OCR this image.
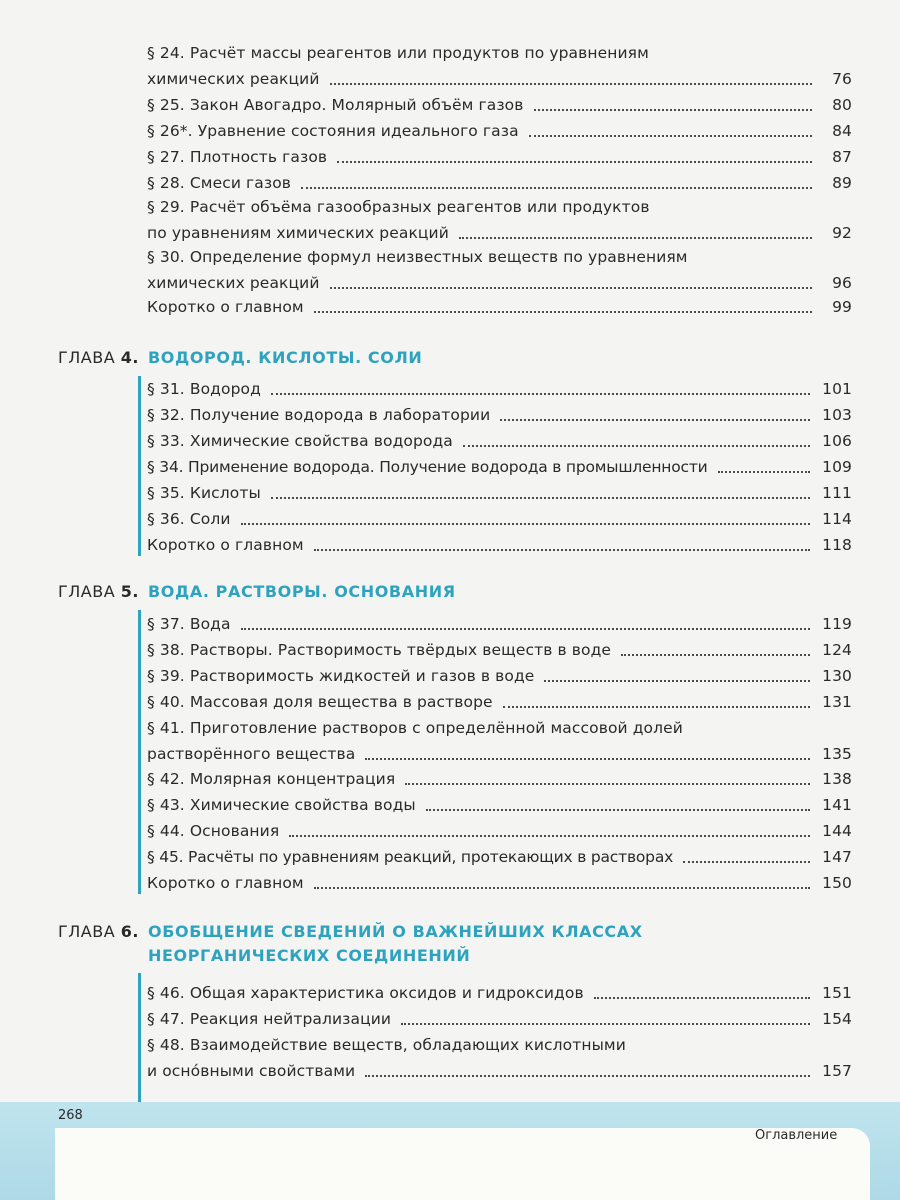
§ 24. Расчёт массы реагентов или продуктов по уравнениям
химических реакций	76
§ 25. Закон Авогадро. Молярный объём газов	80
§ 26*. Уравнение состояния идеального газа	84
§ 27. Плотность газов	87
§ 28. Смеси газов	89
§ 29. Расчёт объёма газообразных реагентов или продуктов
по уравнениям химических реакций	92
§ 30. Определение формул неизвестных веществ по уравнениям
химических реакций	96
Коротко о главном	99
ГЛАВА 4. ВОДОРОД. КИСЛОТЫ. СОЛИ
§ 31. Водород	101
§ 32. Получение водорода в лаборатории	103
§ 33. Химические свойства водорода	106
§ 34. Применение водорода. Получение водорода в промышленности	109
§ 35. Кислоты	111
§ 36. Соли	114
Коротко о главном	118
ГЛАВА 5. ВОДА. РАСТВОРЫ. ОСНОВАНИЯ
§ 37. Вода	119
§ 38. Растворы. Растворимость твёрдых веществ в воде	124
§ 39. Растворимость жидкостей и газов в воде	130
§ 40. Массовая доля вещества в растворе	131
§ 41. Приготовление растворов с определённой массовой долей
растворённого вещества	135
§ 42. Молярная концентрация	138
§ 43. Химические свойства воды	141
§ 44. Основания	144
§ 45. Расчёты по уравнениям реакций, протекающих в растворах	147
Коротко о главном	150
ГЛАВА 6. ОБОБЩЕНИЕ СВЕДЕНИЙ О ВАЖНЕЙШИХ КЛАССАХ
НЕОРГАНИЧЕСКИХ СОЕДИНЕНИЙ
§ 46. Общая характеристика оксидов и гидроксидов	151
§ 47. Реакция нейтрализации	154
§ 48. Взаимодействие веществ, обладающих кислотными
и оснóвными свойствами	157
268
Оглавление
